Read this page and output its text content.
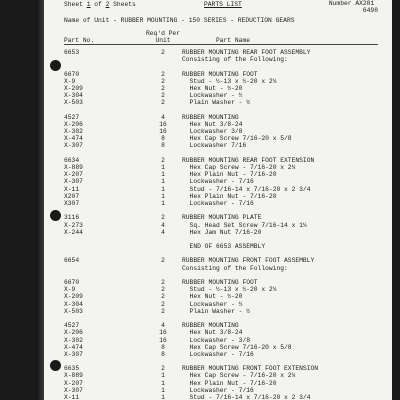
Sheet 1 of 2 Sheets

	PARTS LIST

	Number AX281
6498

Name of Unit - RUBBER MOUNTING - 150 SERIES - REDUCTION GEARS

Part No.

Req'd Per
Unit

	Part Name

6653	2	RUBBER MOUNTING REAR FOOT ASSEMBLY
Consisting of the Following:
6670	2	RUBBER MOUNTING FOOT
X-9	2	Stud - ½-13 x ½-20 x 2¼
X-209	2	Hex Nut - ½-20
X-304	2	Lockwasher - ½
X-503	2	Plain Washer - ½
4527	4	RUBBER MOUNTING
X-206	16	Hex Nut 3/8-24
X-302	16	Lockwasher 3/8
X-474	8	Hex Cap Screw 7/16-20 x 5/8
X-307	8	Lockwasher 7/16
6634	2	RUBBER MOUNTING REAR FOOT EXTENSION
X-889	1	Hex Cap Screw - 7/16-20 x 2¼
X-207	1	Hex Plain Nut - 7/16-20
X-307	1	Lockwasher - 7/16
X-11	1	Stud - 7/16-14 x 7/16-20 x 2 3/4
X207	1	Hex Plain Nut - 7/16-20
X307	1	Lockwasher - 7/16
3116	2	RUBBER MOUNTING PLATE
X-273	4	Sq. Head Set Screw 7/16-14 x 1¼
X-244	4	Hex Jam Nut 7/16-20
END OF 6653 ASSEMBLY
6654	2	RUBBER MOUNTING FRONT FOOT ASSEMBLY
Consisting of the Following:
6670	2	RUBBER MOUNTING FOOT
X-9	2	Stud - ½-13 x ½-20 x 2¼
X-209	2	Hex Nut - ½-20
X-304	2	Lockwasher - ½
X-503	2	Plain Washer - ½
4527	4	RUBBER MOUNTING
X-206	16	Hex Nut 3/8-24
X-302	16	Lockwasher - 3/8
X-474	8	Hex Cap Screw 7/16-20 x 5/8
X-307	8	Lockwasher - 7/16
6635	2	RUBBER MOUNTING FRONT FOOT EXTENSION
X-889	1	Hex Cap Screw - 7/16-20 x 2¼
X-207	1	Hex Plain Nut - 7/16-20
X-307	1	Lockwasher - 7/16
X-11	1	Stud - 7/16-14 x 7/16-20 x 2 3/4
